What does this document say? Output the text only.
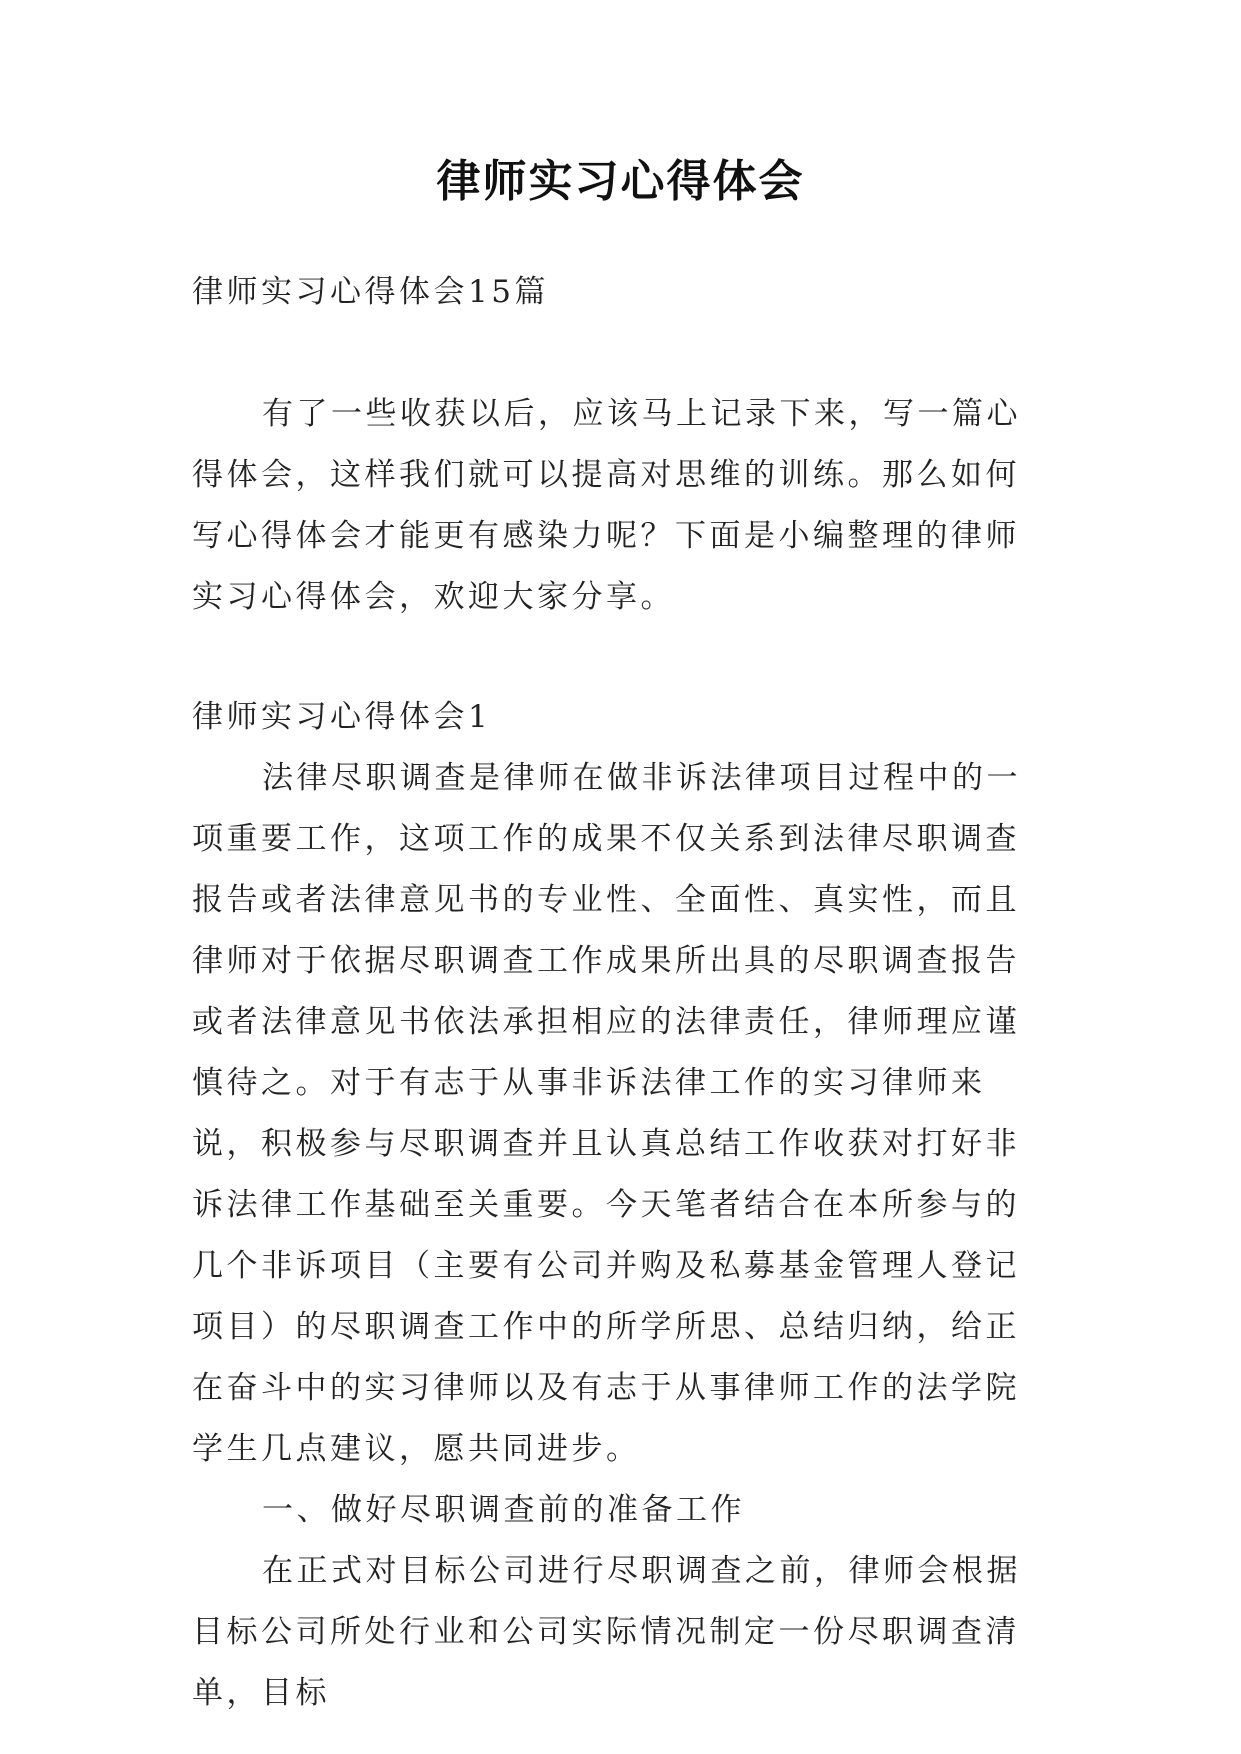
律师实习心得体会

律师实习心得体会15篇

有了一些收获以后，应该马上记录下来，写一篇心得体会，这样我们就可以提高对思维的训练。那么如何写心得体会才能更有感染力呢？下面是小编整理的律师实习心得体会，欢迎大家分享。

律师实习心得体会1

法律尽职调查是律师在做非诉法律项目过程中的一项重要工作，这项工作的成果不仅关系到法律尽职调查报告或者法律意见书的专业性、全面性、真实性，而且律师对于依据尽职调查工作成果所出具的尽职调查报告或者法律意见书依法承担相应的法律责任，律师理应谨慎待之。对于有志于从事非诉法律工作的实习律师来说，积极参与尽职调查并且认真总结工作收获对打好非诉法律工作基础至关重要。今天笔者结合在本所参与的几个非诉项目（主要有公司并购及私募基金管理人登记项目）的尽职调查工作中的所学所思、总结归纳，给正在奋斗中的实习律师以及有志于从事律师工作的法学院学生几点建议，愿共同进步。

一、做好尽职调查前的准备工作

在正式对目标公司进行尽职调查之前，律师会根据目标公司所处行业和公司实际情况制定一份尽职调查清单，目标
